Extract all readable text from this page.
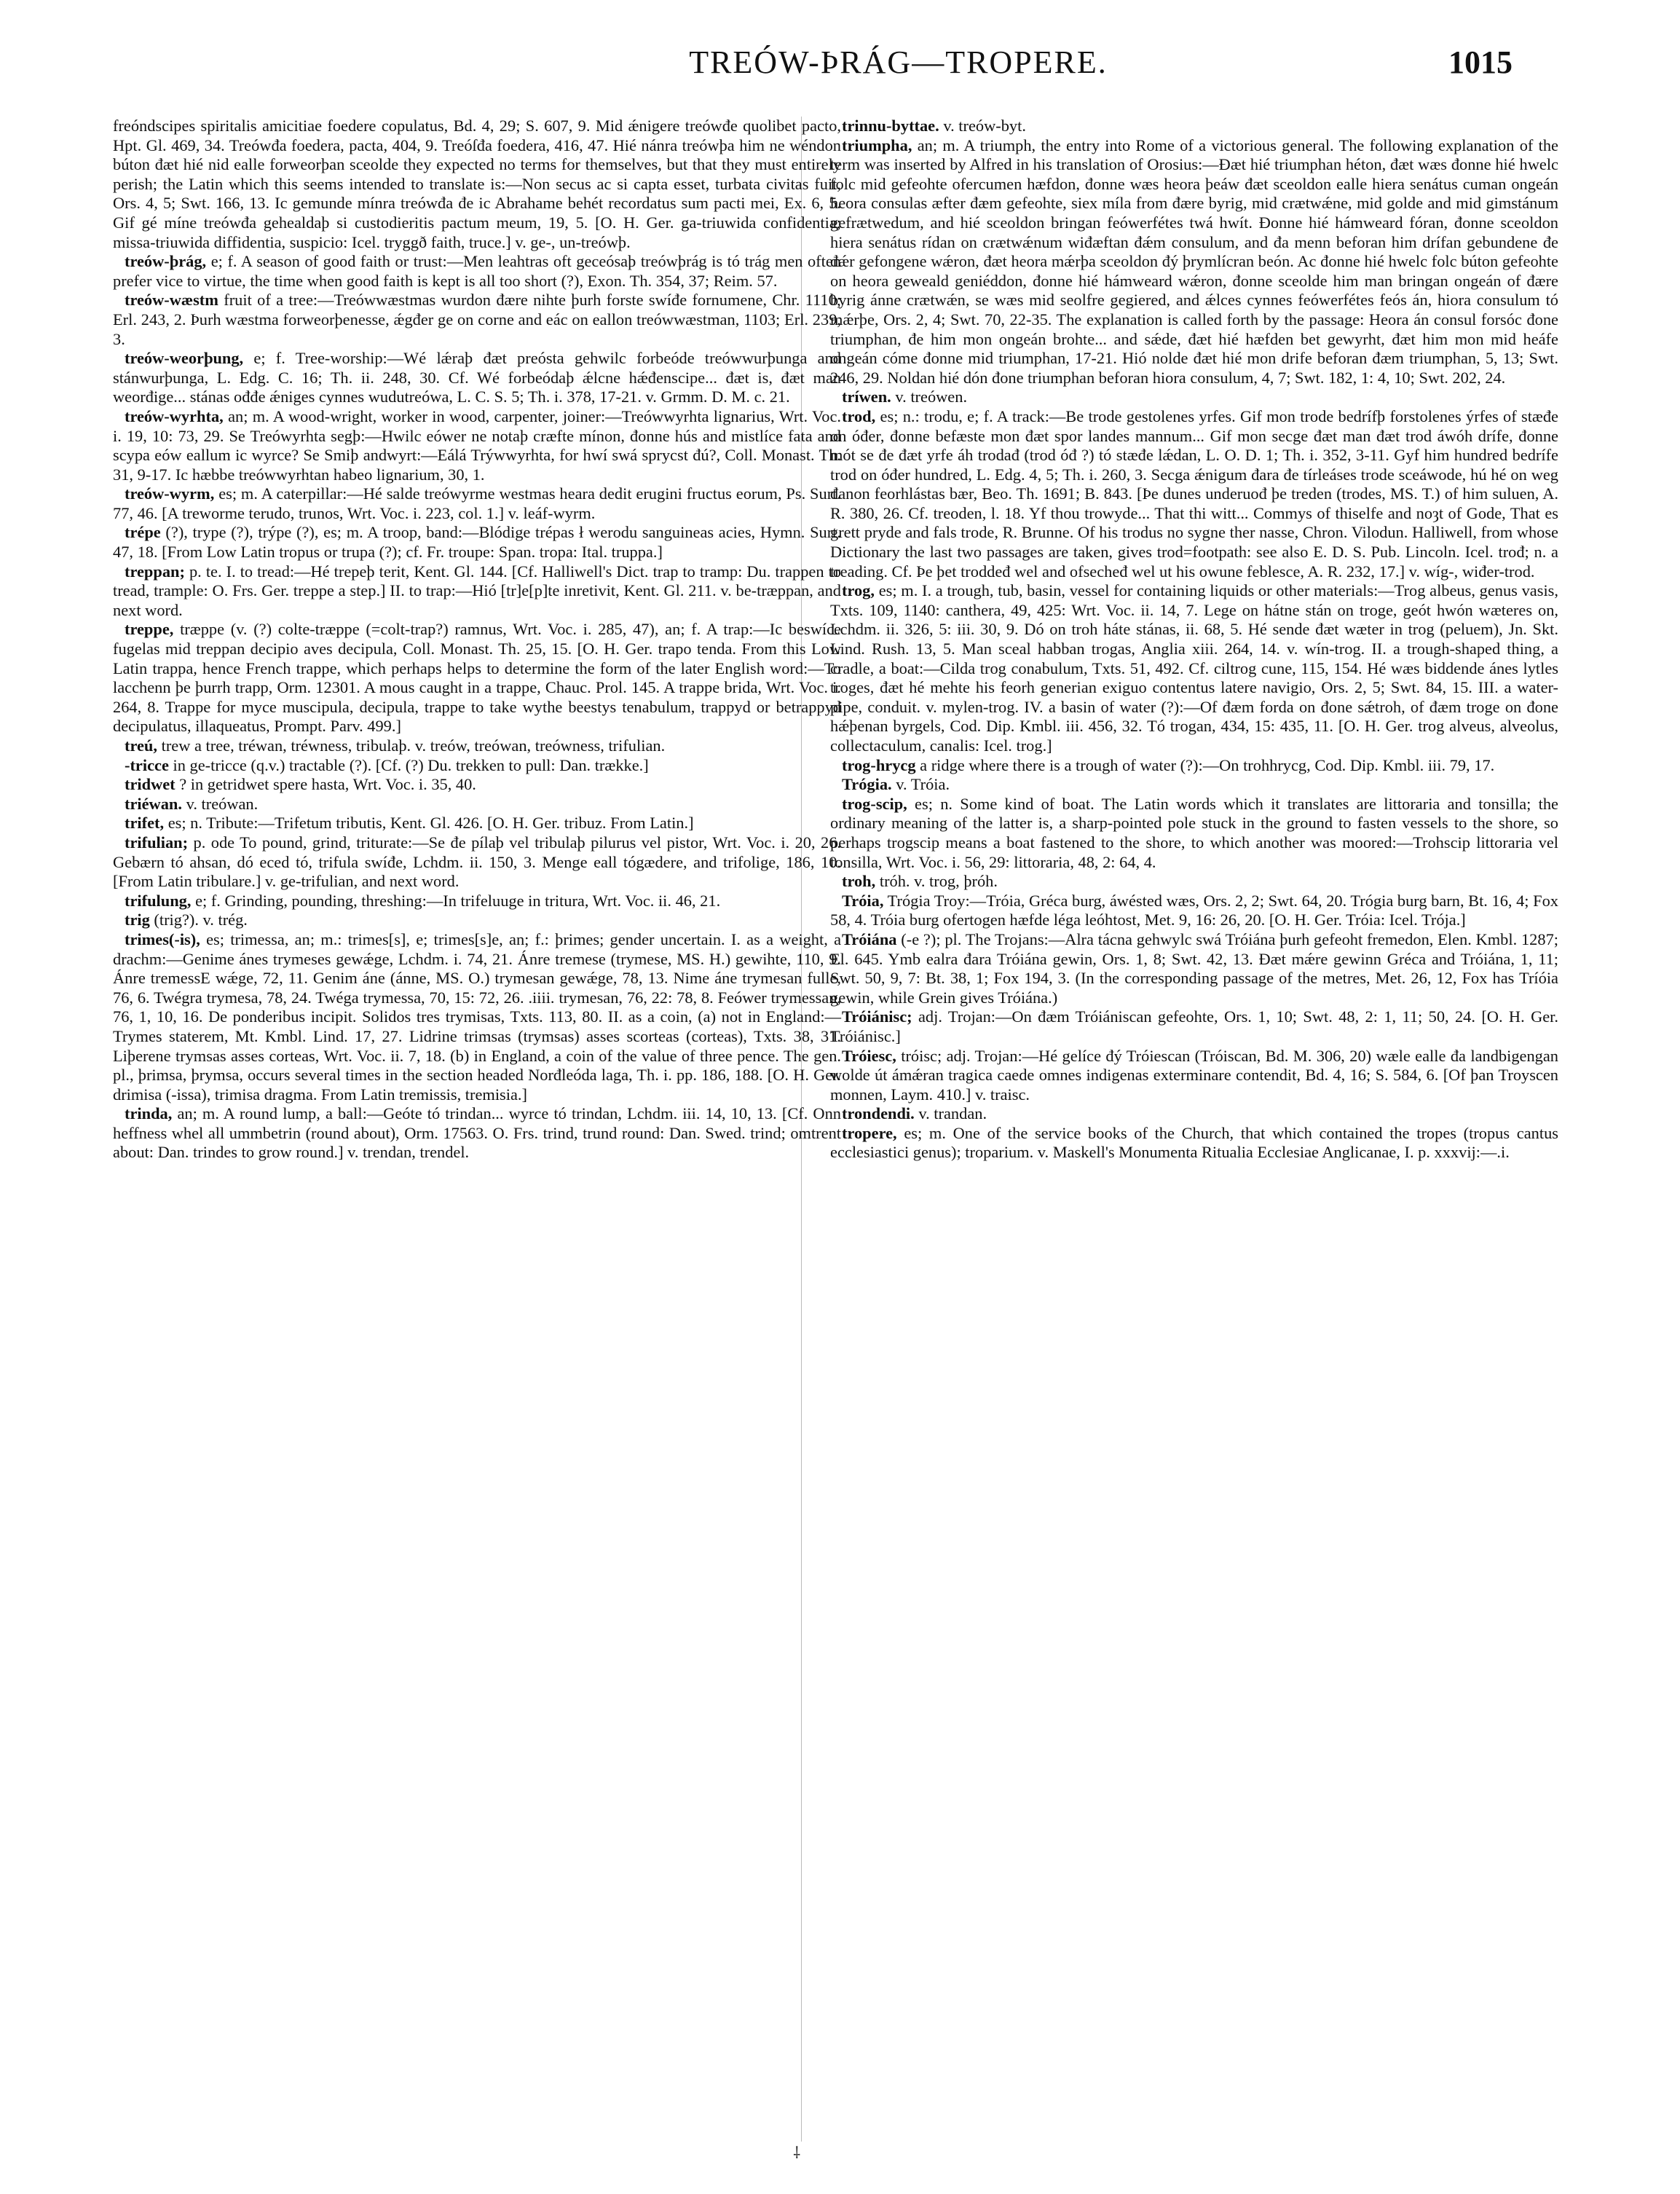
TREÓW-ÞRÁG—TROPERE.	1015

freóndscipes spiritalis amicitiae foedere copulatus, Bd. 4, 29; S. 607, 9. Mid ǽnigere treówđe quolibet pacto, Hpt. Gl. 469, 34. Treówđa foedera, pacta, 404, 9. Treóſđa foedera, 416, 47. Hié nánra treówþa him ne wéndon búton đæt hié nid ealle forweorþan sceolde they expected no terms for themselves, but that they must entirely perish; the Latin which this seems intended to translate is:—Non secus ac si capta esset, turbata civitas fuit, Ors. 4, 5; Swt. 166, 13. Ic gemunde mínra treówđa đe ic Abrahame behét recordatus sum pacti mei, Ex. 6, 5. Gif gé míne treówđa gehealdaþ si custodieritis pactum meum, 19, 5. [O. H. Ger. ga-triuwida confidentia; missa-triuwida diffidentia, suspicio: Icel. tryggð faith, truce.] v. ge-, un-treówþ.

treów-þrág, e; f. A season of good faith or trust:—Men leahtras oft geceósaþ treówþrág is tó trág men often prefer vice to virtue, the time when good faith is kept is all too short (?), Exon. Th. 354, 37; Reim. 57.

treów-wæstm fruit of a tree:—Treówwæstmas wurdon đære nihte þurh forste swíđe fornumene, Chr. 1110; Erl. 243, 2. Þurh wæstma forweorþenesse, ǽgđer ge on corne and eác on eallon treówwæstman, 1103; Erl. 239, 3.

treów-weorþung, e; f. Tree-worship:—Wé lǽraþ đæt preósta gehwilc forbeóde treówwurþunga and stánwurþunga, L. Edg. C. 16; Th. ii. 248, 30. Cf. Wé forbeódaþ ǽlcne hǽđenscipe... đæt is, đæt man weorđige... stánas ođđe ǽniges cynnes wudutreówa, L. C. S. 5; Th. i. 378, 17-21. v. Grmm. D. M. c. 21.

treów-wyrhta, an; m. A wood-wright, worker in wood, carpenter, joiner:—Treówwyrhta lignarius, Wrt. Voc. i. 19, 10: 73, 29. Se Treówyrhta segþ:—Hwilc eówer ne notaþ cræfte mínon, đonne hús and mistlíce fata and scypa eów eallum ic wyrce? Se Smiþ andwyrt:—Eálá Trýwwyrhta, for hwí swá sprycst đú?, Coll. Monast. Th. 31, 9-17. Ic hæbbe treówwyrhtan habeo lignarium, 30, 1.

treów-wyrm, es; m. A caterpillar:—Hé salde treówyrme westmas heara dedit erugini fructus eorum, Ps. Surt. 77, 46. [A treworme terudo, trunos, Wrt. Voc. i. 223, col. 1.] v. leáf-wyrm.

trépe (?), trype (?), trýpe (?), es; m. A troop, band:—Blódige trépas ł werodu sanguineas acies, Hymn. Surt. 47, 18. [From Low Latin tropus or trupa (?); cf. Fr. troupe: Span. tropa: Ital. truppa.]

treppan; p. te. I. to tread:—Hé trepeþ terit, Kent. Gl. 144. [Cf. Halliwell's Dict. trap to tramp: Du. trappen to tread, trample: O. Frs. Ger. treppe a step.] II. to trap:—Hió [tr]e[p]te inretivit, Kent. Gl. 211. v. be-træppan, and next word.

treppe, træppe (v. (?) colte-træppe (=colt-trap?) ramnus, Wrt. Voc. i. 285, 47), an; f. A trap:—Ic beswíce fugelas mid treppan decipio aves decipula, Coll. Monast. Th. 25, 15. [O. H. Ger. trapo tenda. From this Low Latin trappa, hence French trappe, which perhaps helps to determine the form of the later English word:—To lacchenn þe þurrh trapp, Orm. 12301. A mous caught in a trappe, Chauc. Prol. 145. A trappe brida, Wrt. Voc. i. 264, 8. Trappe for myce muscipula, decipula, trappe to take wythe beestys tenabulum, trappyd or betrappyd decipulatus, illaqueatus, Prompt. Parv. 499.]

treú, trew a tree, tréwan, tréwness, tribulaþ. v. treów, treówan, treówness, trifulian.

-tricce in ge-tricce (q.v.) tractable (?). [Cf. (?) Du. trekken to pull: Dan. trække.]

tridwet ? in getridwet spere hasta, Wrt. Voc. i. 35, 40.

triéwan. v. treówan.

trifet, es; n. Tribute:—Trifetum tributis, Kent. Gl. 426. [O. H. Ger. tribuz. From Latin.]

trifulian; p. ode To pound, grind, triturate:—Se đe pílaþ vel tribulaþ pilurus vel pistor, Wrt. Voc. i. 20, 26. Gebærn tó ahsan, dó eced tó, trifula swíđe, Lchdm. ii. 150, 3. Menge eall tógædere, and trifolige, 186, 10. [From Latin tribulare.] v. ge-trifulian, and next word.

trifulung, e; f. Grinding, pounding, threshing:—In trifeluuge in tritura, Wrt. Voc. ii. 46, 21.

trig (trig?). v. trég.

trimes(-is), es; trimessa, an; m.: trimes[s], e; trimes[s]e, an; f.: þrimes; gender uncertain. I. as a weight, a drachm:—Genime ánes trymeses gewǽge, Lchdm. i. 74, 21. Ánre tremese (trymese, MS. H.) gewihte, 110, 9. Ánre tremessE wǽge, 72, 11. Genim áne (ánne, MS. O.) trymesan gewǽge, 78, 13. Nime áne trymesan fulle, 76, 6. Twégra trymesa, 78, 24. Twéga trymessa, 70, 15: 72, 26. .iiii. trymesan, 76, 22: 78, 8. Feówer trymessan, 76, 1, 10, 16. De ponderibus incipit. Solidos tres trymisas, Txts. 113, 80. II. as a coin, (a) not in England:—Trymes staterem, Mt. Kmbl. Lind. 17, 27. Lidrine trimsas (trymsas) asses scorteas (corteas), Txts. 38, 31. Liþerene trymsas asses corteas, Wrt. Voc. ii. 7, 18. (b) in England, a coin of the value of three pence. The gen. pl., þrimsa, þrymsa, occurs several times in the section headed Norđleóda laga, Th. i. pp. 186, 188. [O. H. Ger. drimisa (-issa), trimisa dragma. From Latin tremissis, tremisia.]

trinda, an; m. A round lump, a ball:—Geóte tó trindan... wyrce tó trindan, Lchdm. iii. 14, 10, 13. [Cf. Onn heffness whel all ummbetrin (round about), Orm. 17563. O. Frs. trind, trund round: Dan. Swed. trind; omtrent about: Dan. trindes to grow round.] v. trendan, trendel.

trinnu-byttae. v. treów-byt.

triumpha, an; m. A triumph, the entry into Rome of a victorious general. The following explanation of the term was inserted by Alfred in his translation of Orosius:—Đæt hié triumphan héton, đæt wæs đonne hié hwelc folc mid gefeohte ofercumen hæfdon, đonne wæs heora þeáw đæt sceoldon ealle hiera senátus cuman ongeán heora consulas æfter đæm gefeohte, siex míla from đære byrig, mid crætwǽne, mid golde and mid gimstánum gefrætwedum, and hié sceoldon bringan feówerfétes twá hwít. Đonne hié hámweard fóran, đonne sceoldon hiera senátus rídan on crætwǽnum wiđæftan đǽm consulum, and đa menn beforan him drífan gebundene đe đǽr gefongene wǽron, đæt heora mǽrþa sceoldon đý þrymlícran beón. Ac đonne hié hwelc folc búton gefeohte on heora geweald geniéddon, đonne hié hámweard wǽron, đonne sceolde him man bringan ongeán of đære byrig ánne crætwǽn, se wæs mid seolfre gegiered, and ǽlces cynnes feówerfétes feós án, hiora consulum tó mǽrþe, Ors. 2, 4; Swt. 70, 22-35. The explanation is called forth by the passage: Heora án consul forsóc đone triumphan, đe him mon ongeán brohte... and sǽde, đæt hié hæfden bet gewyrht, đæt him mon mid heáfe ongeán cóme đonne mid triumphan, 17-21. Hió nolde đæt hié mon drife beforan đæm triumphan, 5, 13; Swt. 246, 29. Noldan hié dón đone triumphan beforan hiora consulum, 4, 7; Swt. 182, 1: 4, 10; Swt. 202, 24.

tríwen. v. treówen.

trod, es; n.: trodu, e; f. A track:—Be trode gestolenes yrfes. Gif mon trode bedrífþ forstolenes ýrfes of stæđe on óđer, đonne befæste mon đæt spor landes mannum... Gif mon secge đæt man đæt trod áwóh drífe, đonne mót se đe đæt yrfe áh trodađ (trod óđ ?) tó stæđe lǽdan, L. O. D. 1; Th. i. 352, 3-11. Gyf him hundred bedrífe trod on óđer hundred, L. Edg. 4, 5; Th. i. 260, 3. Secga ǽnigum đara đe tírleáses trode sceáwode, hú hé on weg đanon feorhlástas bær, Beo. Th. 1691; B. 843. [Þe dunes underuođ þe treden (trodes, MS. T.) of him suluen, A. R. 380, 26. Cf. treoden, l. 18. Yf thou trowyde... That thi witt... Commys of thiselfe and noȝt of Gode, That es grett pryde and fals trode, R. Brunne. Of his trodus no sygne ther nasse, Chron. Vilodun. Halliwell, from whose Dictionary the last two passages are taken, gives trod=footpath: see also E. D. S. Pub. Lincoln. Icel. trođ; n. a treading. Cf. Þe þet troddeđ wel and ofsecheđ wel ut his owune feblesce, A. R. 232, 17.] v. wíg-, wiđer-trod.

trog, es; m. I. a trough, tub, basin, vessel for containing liquids or other materials:—Trog albeus, genus vasis, Txts. 109, 1140: canthera, 49, 425: Wrt. Voc. ii. 14, 7. Lege on hátne stán on troge, geót hwón wæteres on, Lchdm. ii. 326, 5: iii. 30, 9. Dó on troh háte stánas, ii. 68, 5. Hé sende đæt wæter in trog (peluem), Jn. Skt. Lind. Rush. 13, 5. Man sceal habban trogas, Anglia xiii. 264, 14. v. wín-trog. II. a trough-shaped thing, a cradle, a boat:—Cilda trog conabulum, Txts. 51, 492. Cf. ciltrog cune, 115, 154. Hé wæs biddende ánes lytles troges, đæt hé mehte his feorh generian exiguo contentus latere navigio, Ors. 2, 5; Swt. 84, 15. III. a water-pipe, conduit. v. mylen-trog. IV. a basin of water (?):—Of đæm forda on đone sǽtroh, of đæm troge on đone hǽþenan byrgels, Cod. Dip. Kmbl. iii. 456, 32. Tó trogan, 434, 15: 435, 11. [O. H. Ger. trog alveus, alveolus, collectaculum, canalis: Icel. trog.]

trog-hrycg a ridge where there is a trough of water (?):—On trohhrycg, Cod. Dip. Kmbl. iii. 79, 17.

Trógia. v. Tróia.

trog-scip, es; n. Some kind of boat. The Latin words which it translates are littoraria and tonsilla; the ordinary meaning of the latter is, a sharp-pointed pole stuck in the ground to fasten vessels to the shore, so perhaps trogscip means a boat fastened to the shore, to which another was moored:—Trohscip littoraria vel tonsilla, Wrt. Voc. i. 56, 29: littoraria, 48, 2: 64, 4.

troh, tróh. v. trog, þróh.

Tróia, Trógia Troy:—Tróia, Gréca burg, áwésted wæs, Ors. 2, 2; Swt. 64, 20. Trógia burg barn, Bt. 16, 4; Fox 58, 4. Tróia burg ofertogen hæfde léga leóhtost, Met. 9, 16: 26, 20. [O. H. Ger. Tróia: Icel. Trója.]

Tróiána (-e ?); pl. The Trojans:—Alra tácna gehwylc swá Tróiána þurh gefeoht fremedon, Elen. Kmbl. 1287; El. 645. Ymb ealra đara Tróiána gewin, Ors. 1, 8; Swt. 42, 13. Đæt mǽre gewinn Gréca and Tróiána, 1, 11; Swt. 50, 9, 7: Bt. 38, 1; Fox 194, 3. (In the corresponding passage of the metres, Met. 26, 12, Fox has Tríóia gewin, while Grein gives Tróiána.)

Tróiánisc; adj. Trojan:—On đæm Tróiániscan gefeohte, Ors. 1, 10; Swt. 48, 2: 1, 11; 50, 24. [O. H. Ger. Tróiánisc.]

Tróiesc, tróisc; adj. Trojan:—Hé gelíce đý Tróiescan (Tróiscan, Bd. M. 306, 20) wæle ealle đa landbigengan wolde út ámǽran tragica caede omnes indigenas exterminare contendit, Bd. 4, 16; S. 584, 6. [Of þan Troyscen monnen, Laym. 410.] v. traisc.

trondendi. v. trandan.

tropere, es; m. One of the service books of the Church, that which contained the tropes (tropus cantus ecclesiastici genus); troparium. v. Maskell's Monumenta Ritualia Ecclesiae Anglicanae, I. p. xxxvij:—.i.

⸸
